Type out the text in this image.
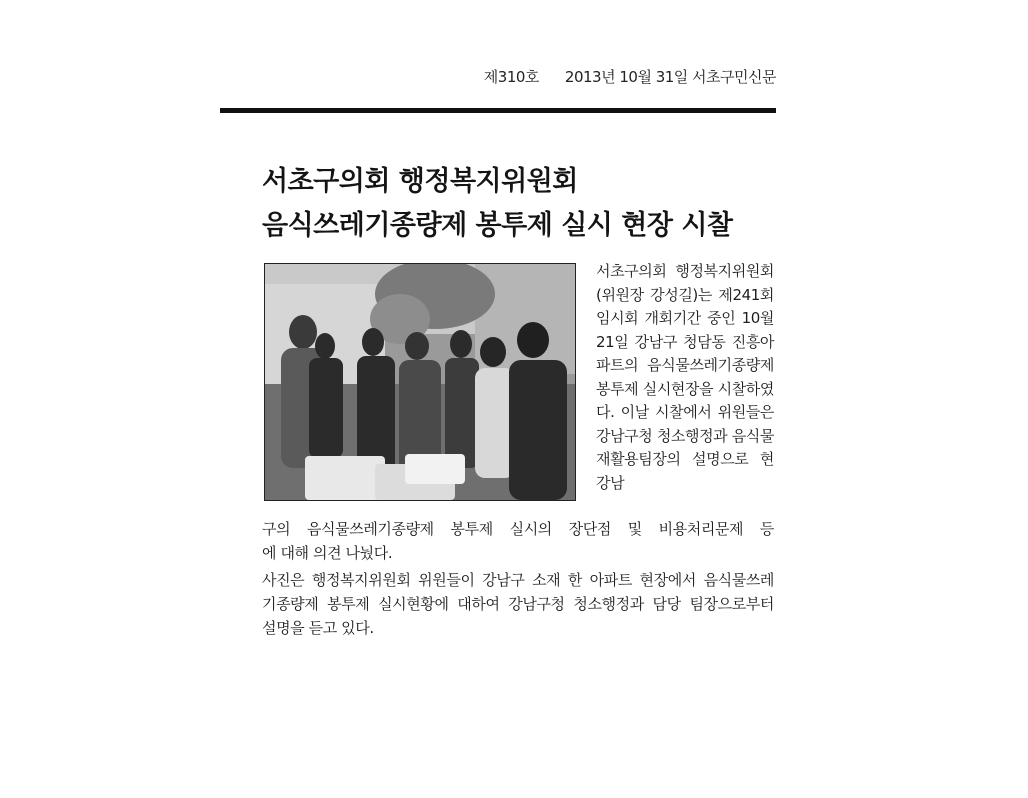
제310호 2013년 10월 31일 서초구민신문
서초구의회 행정복지위원회
음식쓰레기종량제 봉투제 실시 현장 시찰
서초구의회 행정복지위원회(위원장 강성길)는 제241회 임시회 개회기간 중인 10월 21일 강남구 청담동 진흥아파트의 음식물쓰레기종량제 봉투제 실시현장을 시찰하였다. 이날 시찰에서 위원들은 강남구청 청소행정과 음식물재활용팀장의 설명으로 현 강남
구의 음식물쓰레기종량제 봉투제 실시의 장단점 및 비용처리문제 등
에 대해 의견 나눴다.
사진은 행정복지위원회 위원들이 강남구 소재 한 아파트 현장에서 음식물쓰레
기종량제 봉투제 실시현황에 대하여 강남구청 청소행정과 담당 팀장으로부터
설명을 듣고 있다.
